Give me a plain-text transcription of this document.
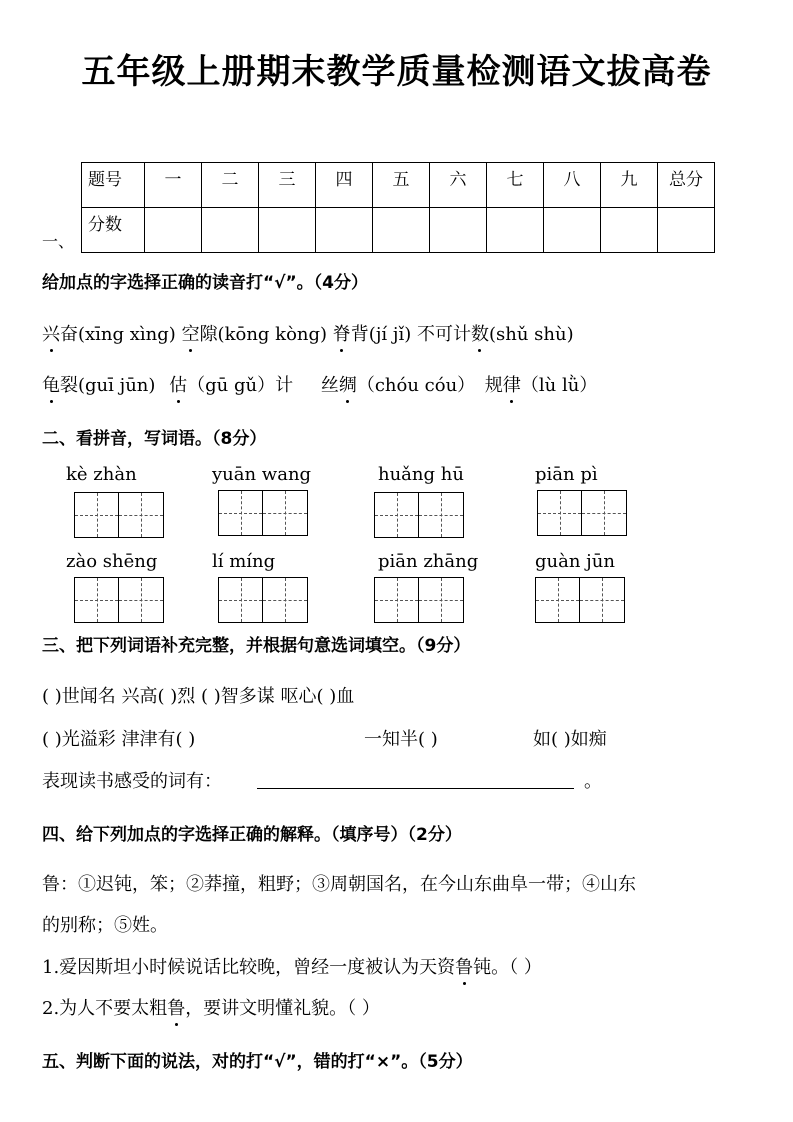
五年级上册期末教学质量检测语文拔高卷
题号	一	二	三	四	五	六	七	八	九	总分
分数										
一、
给加点的字选择正确的读音打“√”。（4分）
兴奋(xīng xìng) 空隙(kōng kòng) 脊背(jí jǐ) 不可计数(shǔ shù)
龟裂(guī jūn) 估（gū gǔ）计 丝绸（chóu cóu） 规律（lù lǜ）
二、看拼音，写词语。（8分）
kè zhàn	yuān wang	huǎng hū	piān pì
zào shēng	lí míng	piān zhāng	guàn jūn
三、把下列词语补充完整，并根据句意选词填空。（9分）
( )世闻名 兴高( )烈 ( )智多谋 呕心( )血
( )光溢彩 津津有( )	一知半( )	如( )如痴
表现读书感受的词有：	。
四、给下列加点的字选择正确的解释。（填序号）（2分）
鲁：①迟钝，笨；②莽撞，粗野；③周朝国名，在今山东曲阜一带；④山东
的别称；⑤姓。
1.爱因斯坦小时候说话比较晚，曾经一度被认为天资鲁钝。（ ）
2.为人不要太粗鲁，要讲文明懂礼貌。（ ）
五、判断下面的说法，对的打“√”，错的打“×”。（5分）
